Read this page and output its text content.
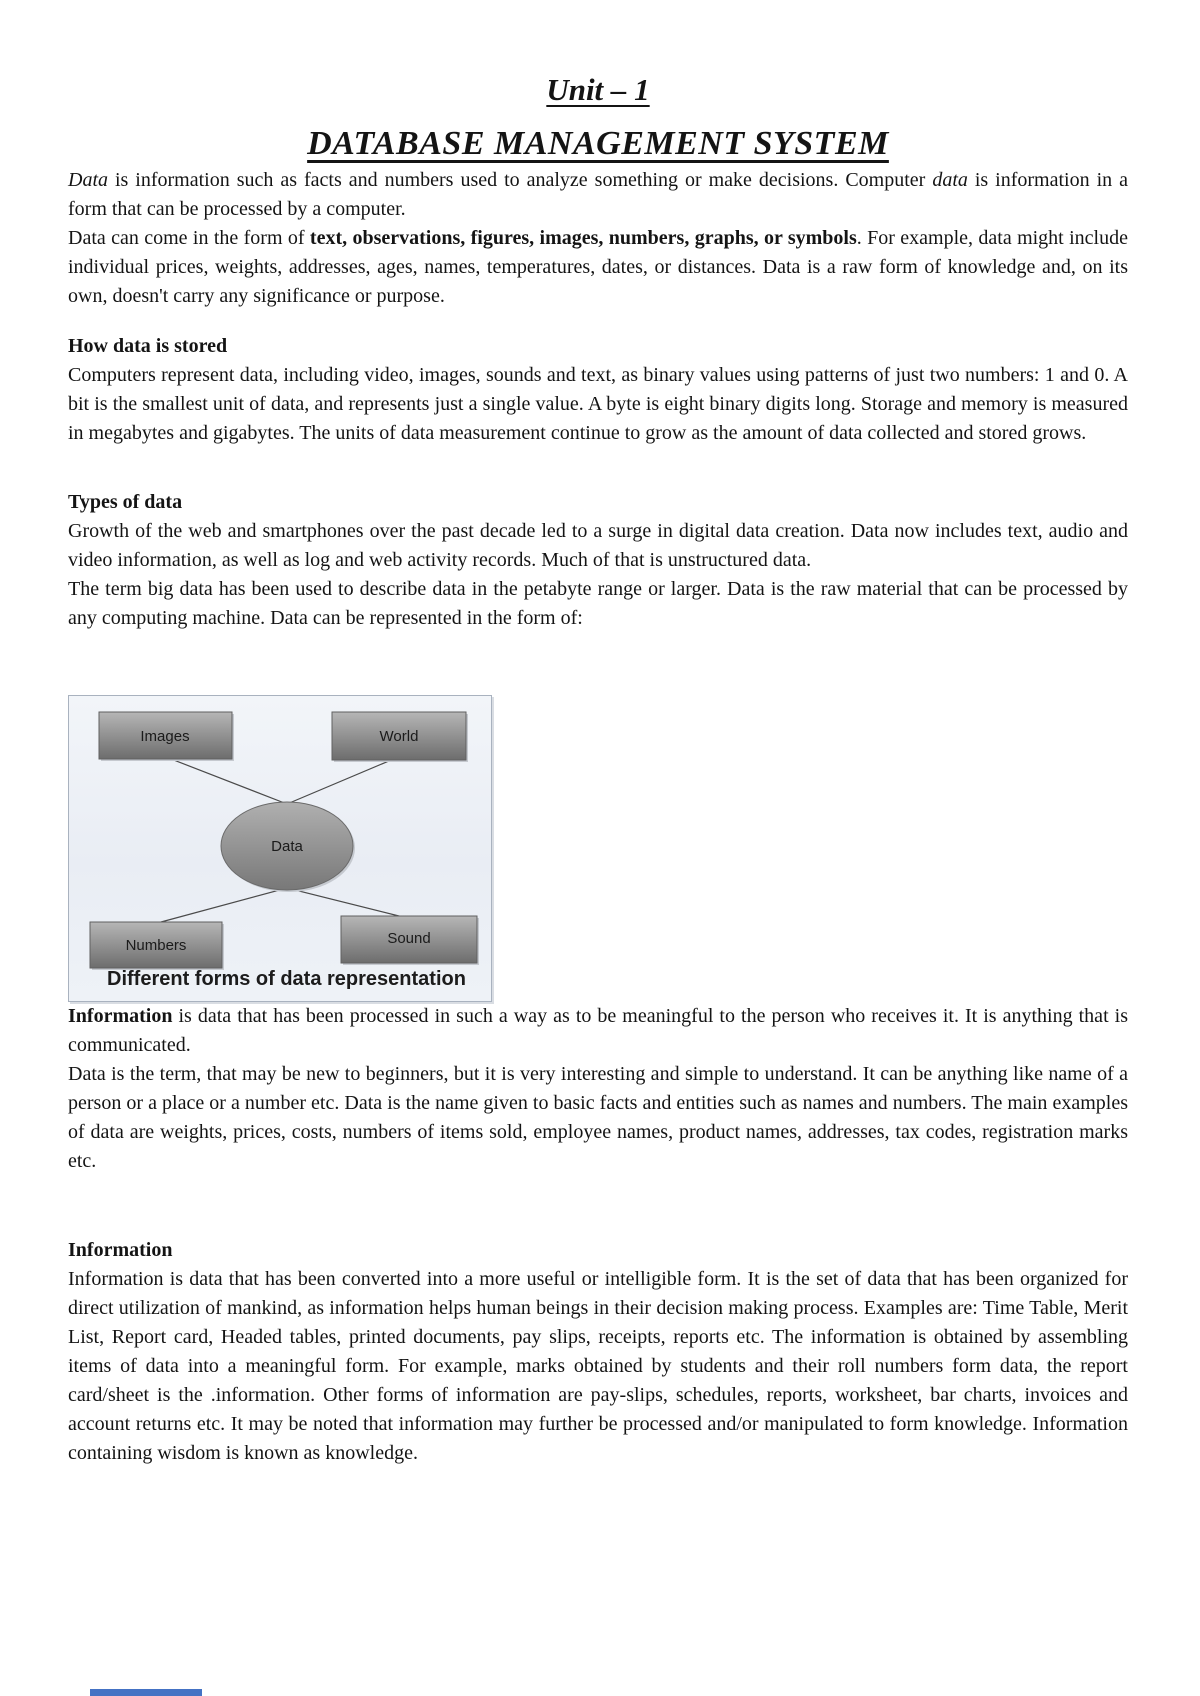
Unit – 1
DATABASE MANAGEMENT SYSTEM

Data is information such as facts and numbers used to analyze something or make decisions. Computer data is information in a form that can be processed by a computer.

Data can come in the form of text, observations, figures, images, numbers, graphs, or symbols. For example, data might include individual prices, weights, addresses, ages, names, temperatures, dates, or distances. Data is a raw form of knowledge and, on its own, doesn't carry any significance or purpose.

How data is stored

Computers represent data, including video, images, sounds and text, as binary values using patterns of just two numbers: 1 and 0. A bit is the smallest unit of data, and represents just a single value. A byte is eight binary digits long. Storage and memory is measured in megabytes and gigabytes. The units of data measurement continue to grow as the amount of data collected and stored grows.

Types of data

Growth of the web and smartphones over the past decade led to a surge in digital data creation. Data now includes text, audio and video information, as well as log and web activity records. Much of that is unstructured data.

The term big data has been used to describe data in the petabyte range or larger. Data is the raw material that can be processed by any computing machine. Data can be represented in the form of:

Images	World
Data
Numbers	Sound
Different forms of data representation

Information is data that has been processed in such a way as to be meaningful to the person who receives it. It is anything that is communicated.

Data is the term, that may be new to beginners, but it is very interesting and simple to understand. It can be anything like name of a person or a place or a number etc. Data is the name given to basic facts and entities such as names and numbers. The main examples of data are weights, prices, costs, numbers of items sold, employee names, product names, addresses, tax codes, registration marks etc.

Information

Information is data that has been converted into a more useful or intelligible form. It is the set of data that has been organized for direct utilization of mankind, as information helps human beings in their decision making process. Examples are: Time Table, Merit List, Report card, Headed tables, printed documents, pay slips, receipts, reports etc. The information is obtained by assembling items of data into a meaningful form. For example, marks obtained by students and their roll numbers form data, the report card/sheet is the .information. Other forms of information are pay-slips, schedules, reports, worksheet, bar charts, invoices and account returns etc. It may be noted that information may further be processed and/or manipulated to form knowledge. Information containing wisdom is known as knowledge.
